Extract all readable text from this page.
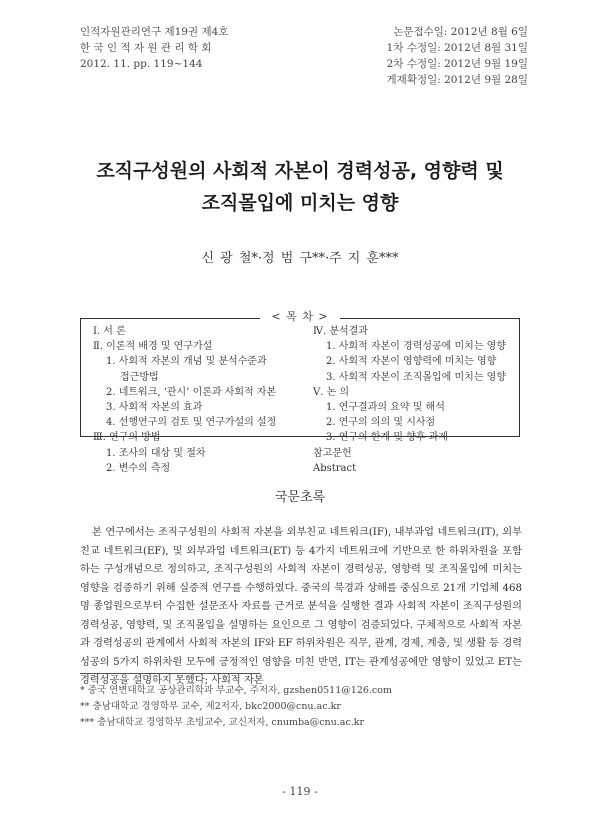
인적자원관리연구 제19권 제4호
한 국 인 적 자 원 관 리 학 회
2012. 11. pp. 119~144
논문접수일: 2012년 8월 6일
1차 수정일: 2012년 8월 31일
2차 수정일: 2012년 9월 19일
게재확정일: 2012년 9월 28일
조직구성원의 사회적 자본이 경력성공, 영향력 및
조직몰입에 미치는 영향
신 광 철*·정 범 구**·주 지 훈***
< 목 차 >
Ⅰ. 서 론
Ⅱ. 이론적 배경 및 연구가설
1. 사회적 자본의 개념 및 분석수준과
접근방법
2. 네트워크, ‘관시’ 이론과 사회적 자본
3. 사회적 자본의 효과
4. 선행연구의 검토 및 연구가설의 설정
Ⅲ. 연구의 방법
1. 조사의 대상 및 절차
2. 변수의 측정
Ⅳ. 분석결과
1. 사회적 자본이 경력성공에 미치는 영향
2. 사회적 자본이 영향력에 미치는 영향
3. 사회적 자본이 조직몰입에 미치는 영향
Ⅴ. 논 의
1. 연구결과의 요약 및 해석
2. 연구의 의의 및 시사점
3. 연구의 한계 및 향후 과제
참고문헌
Abstract
국문초록
본 연구에서는 조직구성원의 사회적 자본을 외부친교 네트워크(IF), 내부과업 네트워크(IT), 외부친교 네트워크(EF), 및 외부과업 네트워크(ET) 등 4가지 네트워크에 기반으로 한 하위차원을 포함하는 구성개념으로 정의하고, 조직구성원의 사회적 자본이 경력성공, 영향력 및 조직몰입에 미치는 영향을 검증하기 위해 실증적 연구를 수행하였다. 중국의 북경과 상해를 중심으로 21개 기업체 468명 종업원으로부터 수집한 설문조사 자료를 근거로 분석을 실행한 결과 사회적 자본이 조직구성원의 경력성공, 영향력, 및 조직몰입을 설명하는 요인으로 그 영향이 검증되었다. 구체적으로 사회적 자본과 경력성공의 관계에서 사회적 자본의 IF와 EF 하위차원은 직무, 관계, 경제, 계층, 및 생활 등 경력성공의 5가지 하위차원 모두에 긍정적인 영향을 미친 반면, IT는 관계성공에만 영향이 있었고 ET는 경력성공을 설명하지 못했다; 사회적 자본
* 중국 연변대학교 공상관리학과 부교수, 주저자, gzshen0511@126.com
** 충남대학교 경영학부 교수, 제2저자, bkc2000@cnu.ac.kr
*** 충남대학교 경영학부 초빙교수, 교신저자, cnumba@cnu.ac.kr
- 119 -
